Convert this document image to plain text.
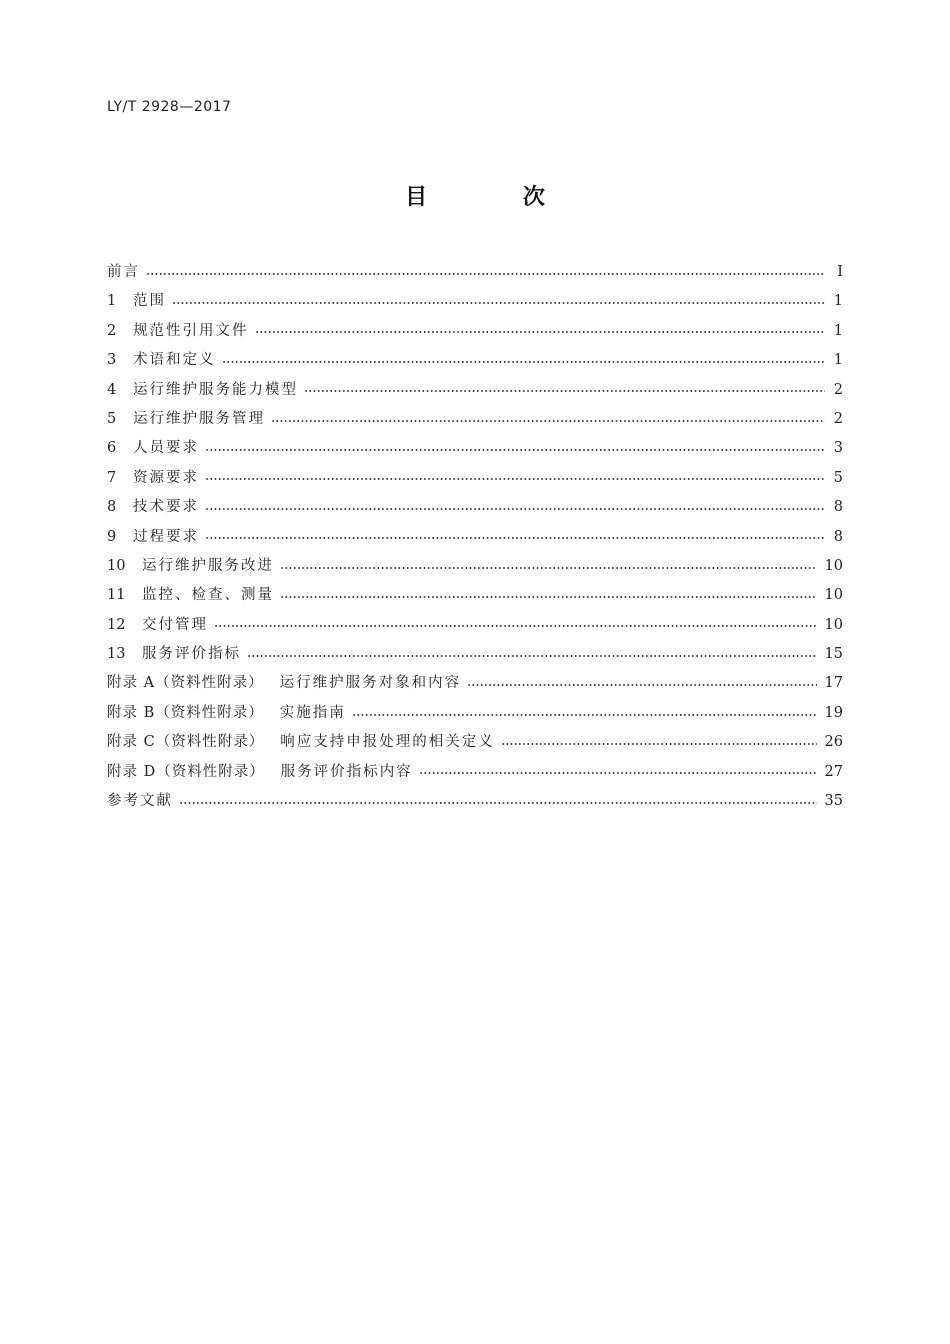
LY/T 2928—2017
目 次
前言	Ⅰ
1	范围	1
2	规范性引用文件	1
3	术语和定义	1
4	运行维护服务能力模型	2
5	运行维护服务管理	2
6	人员要求	3
7	资源要求	5
8	技术要求	8
9	过程要求	8
10	运行维护服务改进	10
11	监控、检查、测量	10
12	交付管理	10
13	服务评价指标	15
附录 A（资料性附录）	运行维护服务对象和内容	17
附录 B（资料性附录）	实施指南	19
附录 C（资料性附录）	响应支持申报处理的相关定义	26
附录 D（资料性附录）	服务评价指标内容	27
参考文献	35
